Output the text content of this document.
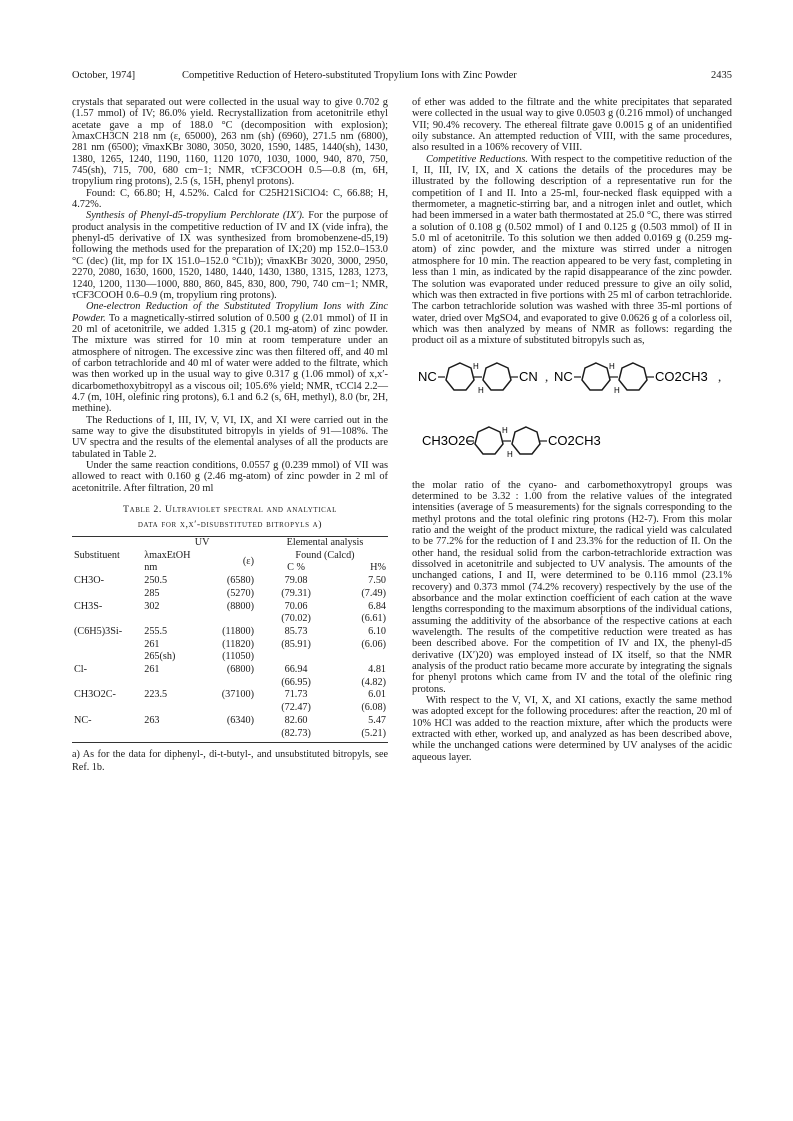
October, 1974]	Competitive Reduction of Hetero-substituted Tropylium Ions with Zinc Powder	2435

crystals that separated out were collected in the usual way to give 0.702 g (1.57 mmol) of IV; 86.0% yield. Recrystallization from acetonitrile ethyl acetate gave a mp of 188.0 °C (decomposition with explosion); λmaxCH3CN 218 nm (ε, 65000), 263 nm (sh) (6960), 271.5 nm (6800), 281 nm (6500); ν̄maxKBr 3080, 3050, 3020, 1590, 1485, 1440(sh), 1430, 1380, 1265, 1240, 1190, 1160, 1120 1070, 1030, 1000, 940, 870, 750, 745(sh), 715, 700, 680 cm−1; NMR, τCF3COOH 0.5—0.8 (m, 6H, tropylium ring protons), 2.5 (s, 15H, phenyl protons).

Found: C, 66.80; H, 4.52%. Calcd for C25H21SiClO4: C, 66.88; H, 4.72%.

Synthesis of Phenyl-d5-tropylium Perchlorate (IX′). For the purpose of product analysis in the competitive reduction of IV and IX (vide infra), the phenyl-d5 derivative of IX was synthesized from bromobenzene-d5,19) following the methods used for the preparation of IX;20) mp 152.0–153.0 °C (dec) (lit, mp for IX 151.0–152.0 °C1b)); ν̄maxKBr 3020, 3000, 2950, 2270, 2080, 1630, 1600, 1520, 1480, 1440, 1430, 1380, 1315, 1283, 1273, 1240, 1200, 1130—1000, 880, 860, 845, 830, 800, 790, 740 cm−1; NMR, τCF3COOH 0.6–0.9 (m, tropylium ring protons).

One-electron Reduction of the Substituted Tropylium Ions with Zinc Powder. To a magnetically-stirred solution of 0.500 g (2.01 mmol) of II in 20 ml of acetonitrile, we added 1.315 g (20.1 mg-atom) of zinc powder. The mixture was stirred for 10 min at room temperature under an atmosphere of nitrogen. The excessive zinc was then filtered off, and 40 ml of carbon tetrachloride and 40 ml of water were added to the filtrate, which was then worked up in the usual way to give 0.317 g (1.06 mmol) of x,x′-dicarbomethoxybitropyl as a viscous oil; 105.6% yield; NMR, τCCl4 2.2—4.7 (m, 10H, olefinic ring protons), 6.1 and 6.2 (s, 6H, methyl), 8.0 (br, 2H, methine).

The Reductions of I, III, IV, V, VI, IX, and XI were carried out in the same way to give the disubstituted bitropyls in yields of 91—108%. The UV spectra and the results of the elemental analyses of all the products are tabulated in Table 2.

Under the same reaction conditions, 0.0557 g (0.239 mmol) of VII was allowed to react with 0.160 g (2.46 mg-atom) of zinc powder in 2 ml of acetonitrile. After filtration, 20 ml

Table 2. Ultraviolet spectral and analytical
data for x,x′-disubstituted bitropyls a)
Substituent	UV		Elemental analysis	
	λmaxEtOH nm	(ε)	Found (Calcd)	
			C %	H%
CH3O-	250.5	(6580)	79.08	7.50
	285	(5270)	(79.31)	(7.49)
CH3S-	302	(8800)	70.06	6.84
			(70.02)	(6.61)
(C6H5)3Si-	255.5	(11800)	85.73	6.10
	261	(11820)	(85.91)	(6.06)
	265(sh)	(11050)		
Cl-	261	(6800)	66.94	4.81
			(66.95)	(4.82)
CH3O2C-	223.5	(37100)	71.73	6.01
			(72.47)	(6.08)
NC-	263	(6340)	82.60	5.47
			(82.73)	(5.21)
a) As for the data for diphenyl-, di-t-butyl-, and unsubstituted bitropyls, see Ref. 1b.

of ether was added to the filtrate and the white precipitates that separated were collected in the usual way to give 0.0503 g (0.216 mmol) of unchanged VII; 90.4% recovery. The ethereal filtrate gave 0.0015 g of an unidentified oily substance. An attempted reduction of VIII, with the same procedures, also resulted in a 106% recovery of VIII.

Competitive Reductions. With respect to the competitive reduction of the I, II, III, IV, IX, and X cations the details of the procedures may be illustrated by the following description of a representative run for the competition of I and II. Into a 25-ml, four-necked flask equipped with a thermometer, a magnetic-stirring bar, and a nitrogen inlet and outlet, which had been immersed in a water bath thermostated at 25.0 °C, there was stirred a solution of 0.108 g (0.502 mmol) of I and 0.125 g (0.503 mmol) of II in 5.0 ml of acetonitrile. To this solution we then added 0.0169 g (0.259 mg-atom) of zinc powder, and the mixture was stirred under a nitrogen atmosphere for 10 min. The reaction appeared to be very fast, completing in less than 1 min, as indicated by the rapid disappearance of the zinc powder. The solution was evaporated under reduced pressure to give an oily solid, which was then extracted in five portions with 25 ml of carbon tetrachloride. The carbon tetrachloride solution was washed with three 35-ml portions of water, dried over MgSO4, and evaporated to give 0.0626 g of a colorless oil, which was then analyzed by means of NMR as follows: regarding the product oil as a mixture of substituted bitropyls such as,

NC
H
H
CN , NC
H
H
CO2CH3 ,
CH3O2C
H
H
CO2CH3

the molar ratio of the cyano- and carbomethoxytropyl groups was determined to be 3.32 : 1.00 from the relative values of the integrated intensities (average of 5 measurements) for the signals corresponding to the methyl protons and the total olefinic ring protons (H2-7). From this molar ratio and the weight of the product mixture, the radical yield was calculated to be 77.2% for the reduction of I and 23.3% for the reduction of II. On the other hand, the residual solid from the carbon-tetrachloride extraction was dissolved in acetonitrile and subjected to UV analysis. The amounts of the unchanged cations, I and II, were determined to be 0.116 mmol (23.1% recovery) and 0.373 mmol (74.2% recovery) respectively by the use of the absorbance and the molar extinction coefficient of each cation at the wave lengths corresponding to the maximum absorptions of the individual cations, assuming the additivity of the absorbance of the respective cations at each wavelength. The results of the competitive reduction were treated as has been described above. For the competition of IV and IX, the phenyl-d5 derivative (IX′)20) was employed instead of IX itself, so that the NMR analysis of the product ratio became more accurate by integrating the signals for phenyl protons which came from IV and the total of the olefinic ring protons.

With respect to the V, VI, X, and XI cations, exactly the same method was adopted except for the following procedures: after the reaction, 20 ml of 10% HCl was added to the reaction mixture, after which the products were extracted with ether, worked up, and analyzed as has been described above, while the unchanged cations were determined by UV analyses of the acidic aqueous layer.
